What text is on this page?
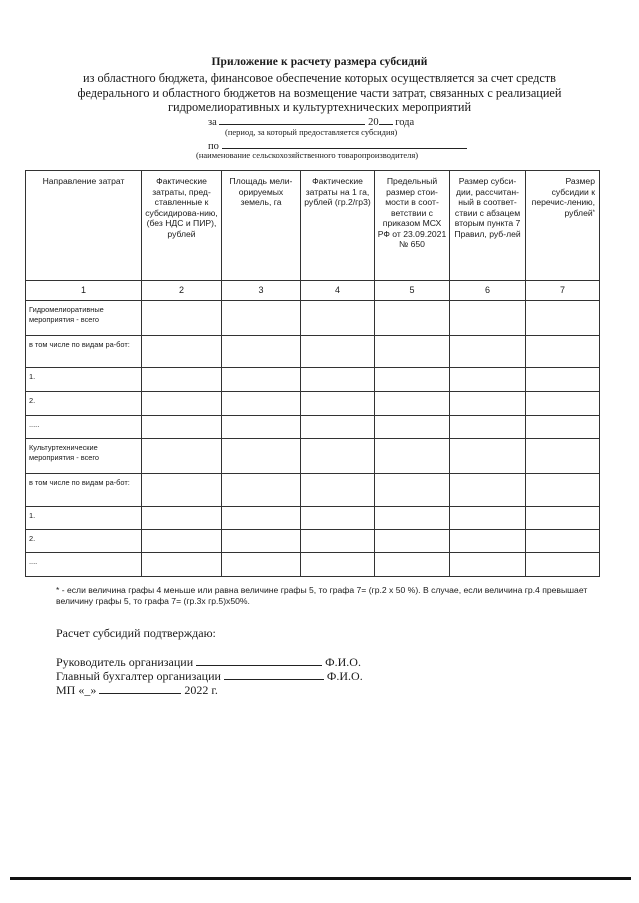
Приложение к расчету размера субсидий
из областного бюджета, финансовое обеспечение которых осуществляется за счет средств
федерального и областного бюджетов на возмещение части затрат, связанных с реализацией
гидромелиоративных и культуртехнических мероприятий
за	20 года
(период, за который предоставляется субсидия)
по
(наименование сельскохозяйственного товаропроизводителя)
Направление затрат	Фактические затраты, пред-ставленные к субсидирова-нию, (без НДС и ПИР), рублей	Площадь мели-орируемых земель, га	Фактические затраты на 1 га, рублей (гр.2/гр3)	Предельный размер стои-мости в соот-ветствии с приказом МСХ РФ от 23.09.2021 № 650	Размер субси-дии, рассчитан-ный в соответ-ствии с абзацем вторым пункта 7 Правил, руб-лей	Размер субсидии к перечис-лению, рублей*
1	2	3	4	5	6	7
Гидромелиоративные мероприятия - всего						
в том числе по видам ра-бот:						
1.						
2.						
.....						
Культуртехнические мероприятия - всего						
в том числе по видам ра-бот:						
1.						
2.						
....						
* - если величина графы 4 меньше или равна величине графы 5, то графа 7= (гр.2 х 50 %). В случае, если величина гр.4 превышает величину графы 5, то графа 7= (гр.3х гр.5)х50%.
Расчет субсидий подтверждаю:
Руководитель организации	Ф.И.О.
Главный бухгалтер организации	Ф.И.О.
МП «_»	2022 г.
